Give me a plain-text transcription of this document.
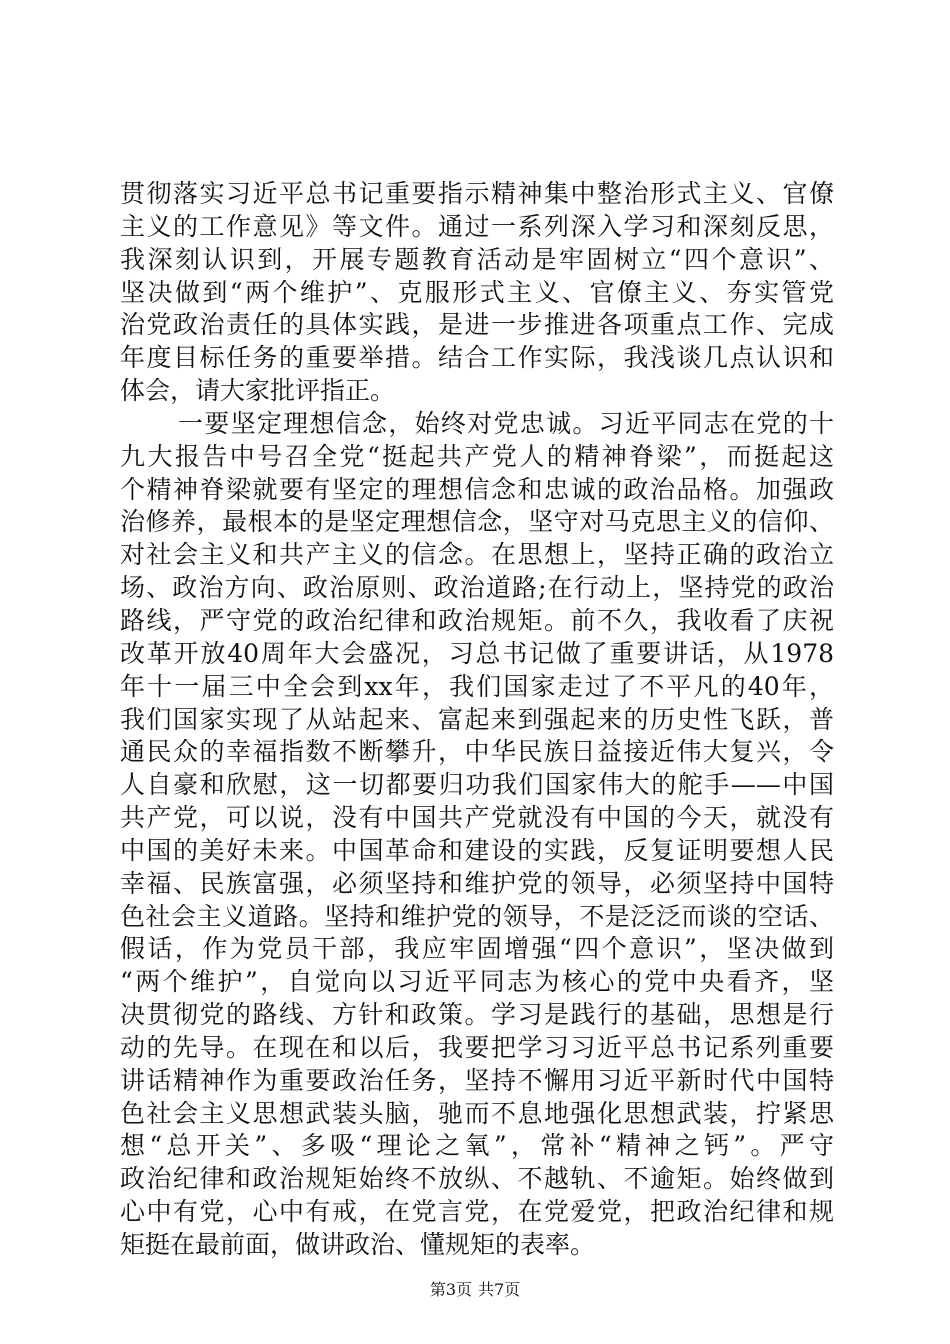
贯彻落实习近平总书记重要指示精神集中整治形式主义、官僚
主义的工作意见》等文件。通过一系列深入学习和深刻反思，
我深刻认识到，开展专题教育活动是牢固树立“四个意识”、
坚决做到“两个维护”、克服形式主义、官僚主义、夯实管党
治党政治责任的具体实践，是进一步推进各项重点工作、完成
年度目标任务的重要举措。结合工作实际，我浅谈几点认识和
体会，请大家批评指正。
一要坚定理想信念，始终对党忠诚。习近平同志在党的十
九大报告中号召全党“挺起共产党人的精神脊梁”，而挺起这
个精神脊梁就要有坚定的理想信念和忠诚的政治品格。加强政
治修养，最根本的是坚定理想信念，坚守对马克思主义的信仰、
对社会主义和共产主义的信念。在思想上，坚持正确的政治立
场、政治方向、政治原则、政治道路;在行动上，坚持党的政治
路线，严守党的政治纪律和政治规矩。前不久，我收看了庆祝
改革开放40周年大会盛况，习总书记做了重要讲话，从1978
年十一届三中全会到xx年，我们国家走过了不平凡的40年，
我们国家实现了从站起来、富起来到强起来的历史性飞跃，普
通民众的幸福指数不断攀升，中华民族日益接近伟大复兴，令
人自豪和欣慰，这一切都要归功我们国家伟大的舵手——中国
共产党，可以说，没有中国共产党就没有中国的今天，就没有
中国的美好未来。中国革命和建设的实践，反复证明要想人民
幸福、民族富强，必须坚持和维护党的领导，必须坚持中国特
色社会主义道路。坚持和维护党的领导，不是泛泛而谈的空话、
假话，作为党员干部，我应牢固增强“四个意识”，坚决做到
“两个维护”，自觉向以习近平同志为核心的党中央看齐，坚
决贯彻党的路线、方针和政策。学习是践行的基础，思想是行
动的先导。在现在和以后，我要把学习习近平总书记系列重要
讲话精神作为重要政治任务，坚持不懈用习近平新时代中国特
色社会主义思想武装头脑，驰而不息地强化思想武装，拧紧思
想“总开关”、多吸“理论之氧”，常补“精神之钙”。严守
政治纪律和政治规矩始终不放纵、不越轨、不逾矩。始终做到
心中有党，心中有戒，在党言党，在党爱党，把政治纪律和规
矩挺在最前面，做讲政治、懂规矩的表率。
第3页 共7页
